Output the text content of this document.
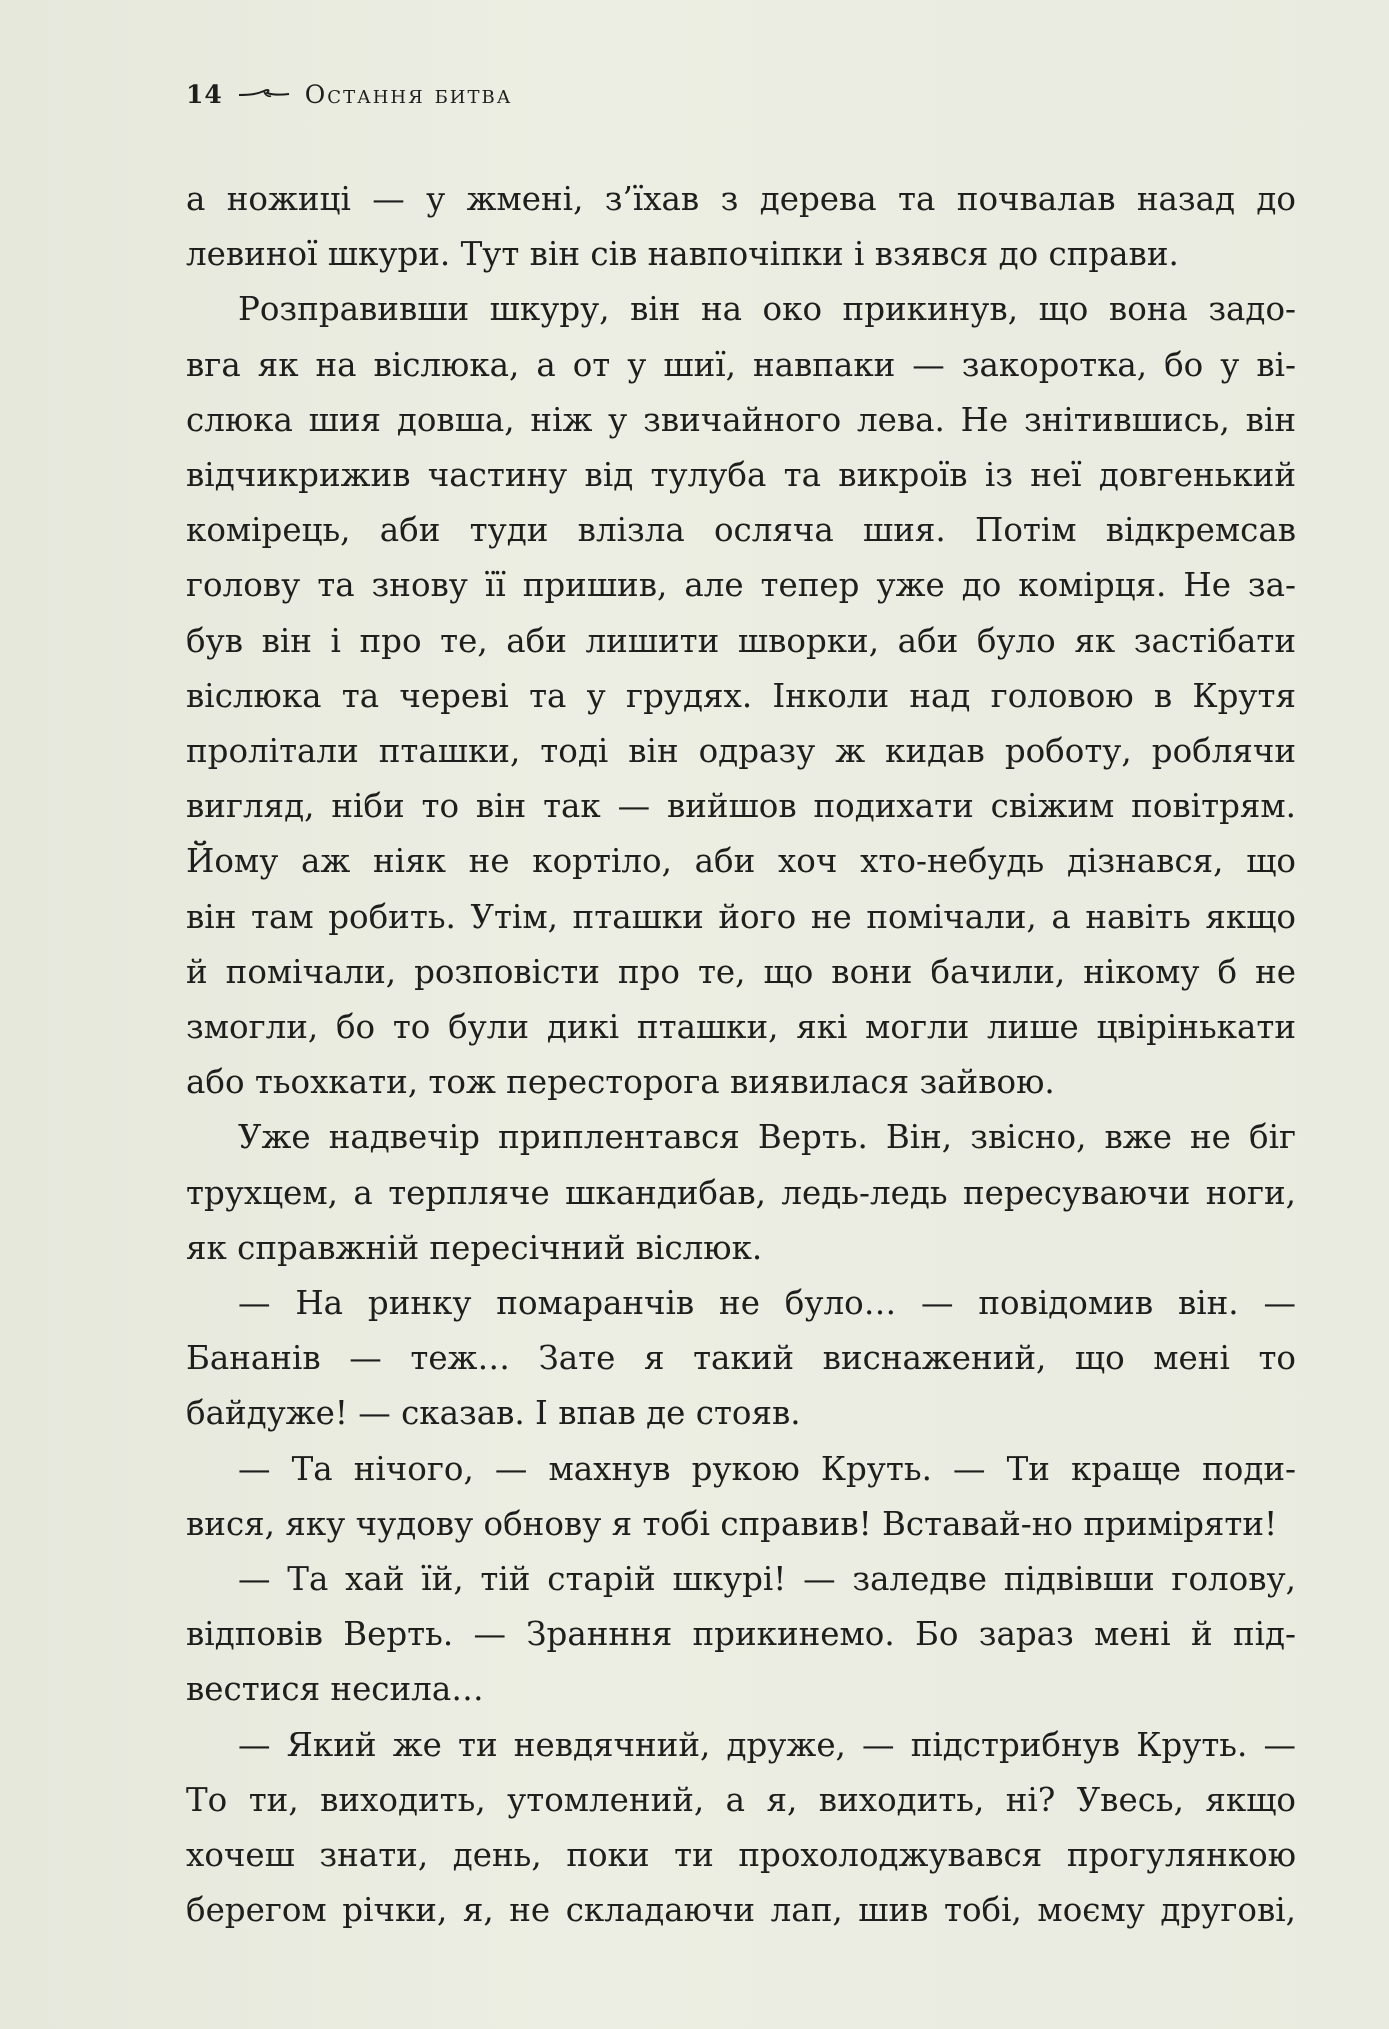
14	Остання битва

а ножиці — у жмені, з’їхав з дерева та почвалав назад до

левиної шкури. Тут він сів навпочіпки і взявся до справи.

Розправивши шкуру, він на око прикинув, що вона задо-

вга як на віслюка, а от у шиї, навпаки — закоротка, бо у ві-

слюка шия довша, ніж у звичайного лева. Не знітившись, він

відчикрижив частину від тулуба та викроїв із неї довгенький

комірець, аби туди влізла осляча шия. Потім відкремсав

голову та знову її пришив, але тепер уже до комірця. Не за-

був він і про те, аби лишити шворки, аби було як застібати

віслюка та череві та у грудях. Інколи над головою в Крутя

пролітали пташки, тоді він одразу ж кидав роботу, роблячи

вигляд, ніби то він так — вийшов подихати свіжим повітрям.

Йому аж ніяк не кортіло, аби хоч хто-небудь дізнався, що

він там робить. Утім, пташки його не помічали, а навіть якщо

й помічали, розповісти про те, що вони бачили, нікому б не

змогли, бо то були дикі пташки, які могли лише цвірінькати

або тьохкати, тож пересторога виявилася зайвою.

Уже надвечір приплентався Верть. Він, звісно, вже не біг

трухцем, а терпляче шкандибав, ледь-ледь пересуваючи ноги,

як справжній пересічний віслюк.

— На ринку помаранчів не було… — повідомив він. —

Бананів — теж… Зате я такий виснажений, що мені то

байдуже! — сказав. І впав де стояв.

— Та нічого, — махнув рукою Круть. — Ти краще поди-

вися, яку чудову обнову я тобі справив! Вставай-но приміряти!

— Та хай їй, тій старій шкурі! — заледве підвівши голову,

відповів Верть. — Зранння прикинемо. Бо зараз мені й під-

вестися несила…

— Який же ти невдячний, друже, — підстрибнув Круть. —

То ти, виходить, утомлений, а я, виходить, ні? Увесь, якщо

хочеш знати, день, поки ти прохолоджувався прогулянкою

берегом річки, я, не складаючи лап, шив тобі, моєму другові,
